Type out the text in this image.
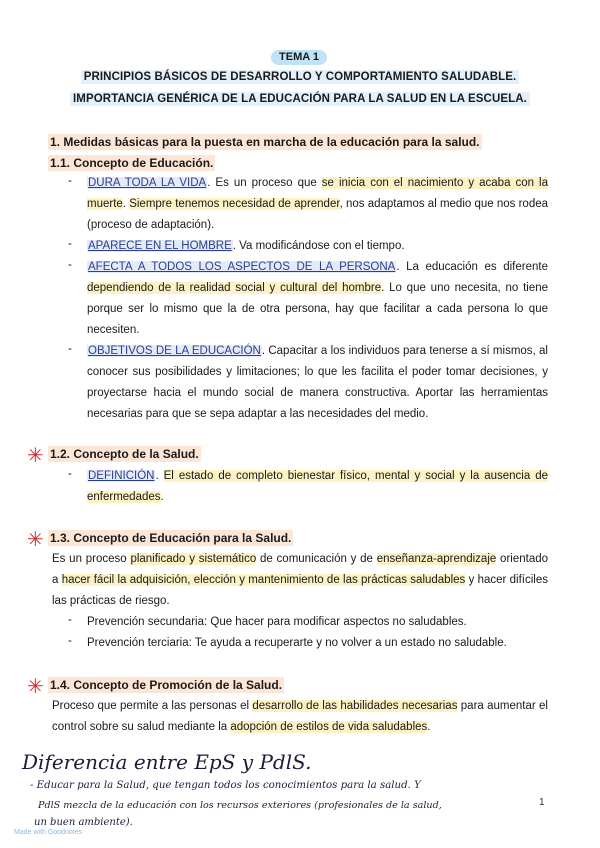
TEMA 1
PRINCIPIOS BÁSICOS DE DESARROLLO Y COMPORTAMIENTO SALUDABLE.
IMPORTANCIA GENÉRICA DE LA EDUCACIÓN PARA LA SALUD EN LA ESCUELA.
1. Medidas básicas para la puesta en marcha de la educación para la salud.
1.1. Concepto de Educación.
- DURA TODA LA VIDA. Es un proceso que se inicia con el nacimiento y acaba con la muerte. Siempre tenemos necesidad de aprender, nos adaptamos al medio que nos rodea (proceso de adaptación).
- APARECE EN EL HOMBRE. Va modificándose con el tiempo.
- AFECTA A TODOS LOS ASPECTOS DE LA PERSONA. La educación es diferente dependiendo de la realidad social y cultural del hombre. Lo que uno necesita, no tiene porque ser lo mismo que la de otra persona, hay que facilitar a cada persona lo que necesiten.
- OBJETIVOS DE LA EDUCACIÓN. Capacitar a los individuos para tenerse a sí mismos, al conocer sus posibilidades y limitaciones; lo que les facilita el poder tomar decisiones, y proyectarse hacia el mundo social de manera constructiva. Aportar las herramientas necesarias para que se sepa adaptar a las necesidades del medio.
✳ 1.2. Concepto de la Salud.
- DEFINICIÓN. El estado de completo bienestar físico, mental y social y la ausencia de enfermedades.
✳ 1.3. Concepto de Educación para la Salud.
Es un proceso planificado y sistemático de comunicación y de enseñanza-aprendizaje orientado a hacer fácil la adquisición, elección y mantenimiento de las prácticas saludables y hacer difíciles las prácticas de riesgo.
- Prevención secundaria: Que hacer para modificar aspectos no saludables.
- Prevención terciaria: Te ayuda a recuperarte y no volver a un estado no saludable.
✳ 1.4. Concepto de Promoción de la Salud.
Proceso que permite a las personas el desarrollo de las habilidades necesarias para aumentar el control sobre su salud mediante la adopción de estilos de vida saludables.
Diferencia entre EpS y PdlS.
- Educar para la Salud, que tengan todos los conocimientos para la salud. Y
PdlS mezcla de la educación con los recursos exteriores (profesionales de la salud,
un buen ambiente).
1
Made with Goodnotes
